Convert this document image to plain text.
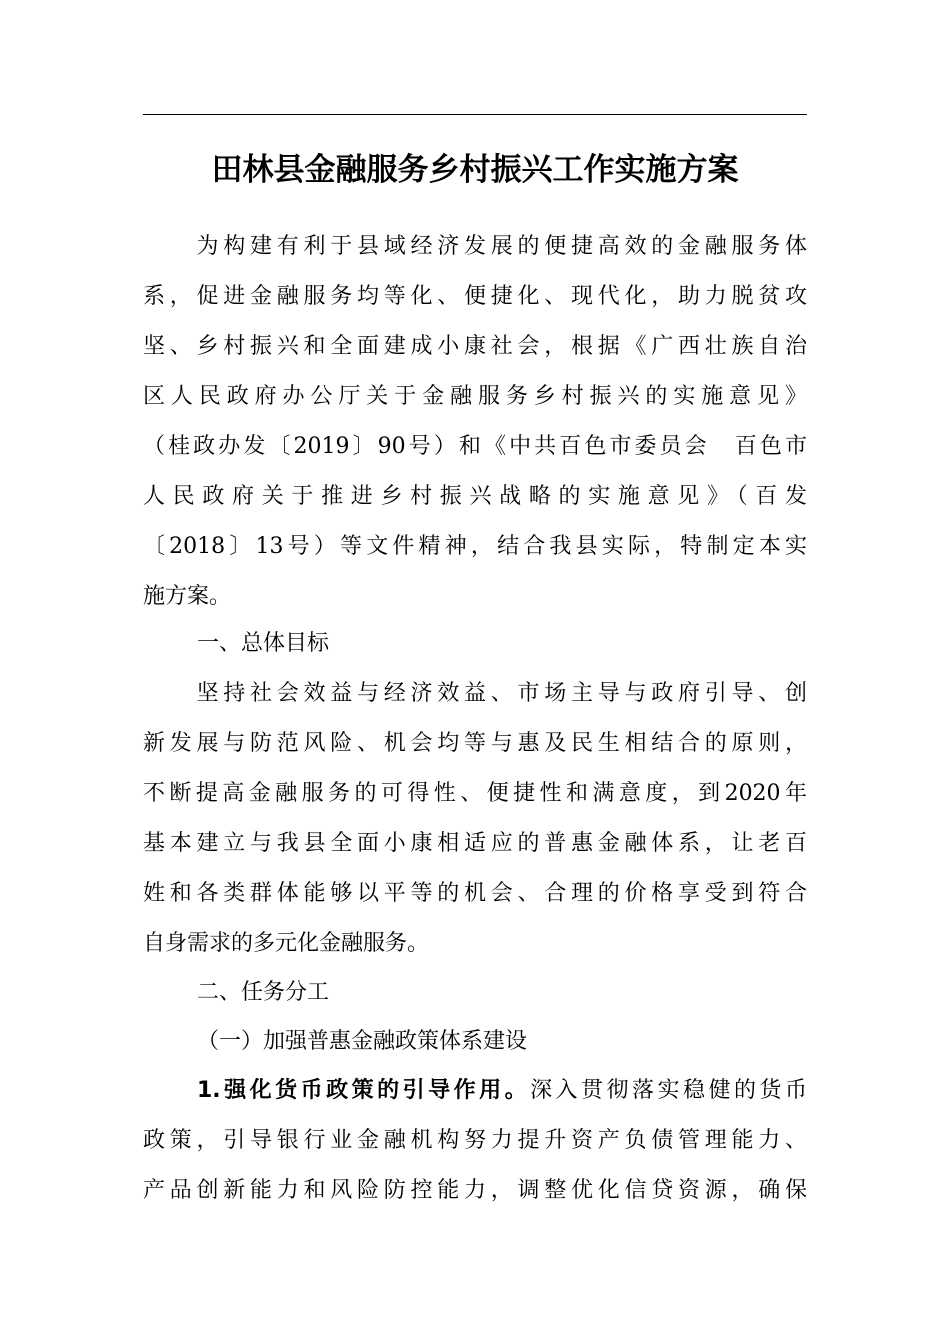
田林县金融服务乡村振兴工作实施方案
　　为构建有利于县域经济发展的便捷高效的金融服务体
系，促进金融服务均等化、便捷化、现代化，助力脱贫攻
坚、乡村振兴和全面建成小康社会，根据《广西壮族自治
区人民政府办公厅关于金融服务乡村振兴的实施意见》
（桂政办发〔2019〕90号）和《中共百色市委员会　百色市
人民政府关于推进乡村振兴战略的实施意见》（百发
〔2018〕13号）等文件精神，结合我县实际，特制定本实
施方案。
一、总体目标
　　坚持社会效益与经济效益、市场主导与政府引导、创
新发展与防范风险、机会均等与惠及民生相结合的原则，
不断提高金融服务的可得性、便捷性和满意度，到2020年
基本建立与我县全面小康相适应的普惠金融体系，让老百
姓和各类群体能够以平等的机会、合理的价格享受到符合
自身需求的多元化金融服务。
二、任务分工
（一）加强普惠金融政策体系建设
1.强化货币政策的引导作用。深入贯彻落实稳健的货币
政策，引导银行业金融机构努力提升资产负债管理能力、
产品创新能力和风险防控能力，调整优化信贷资源，确保
